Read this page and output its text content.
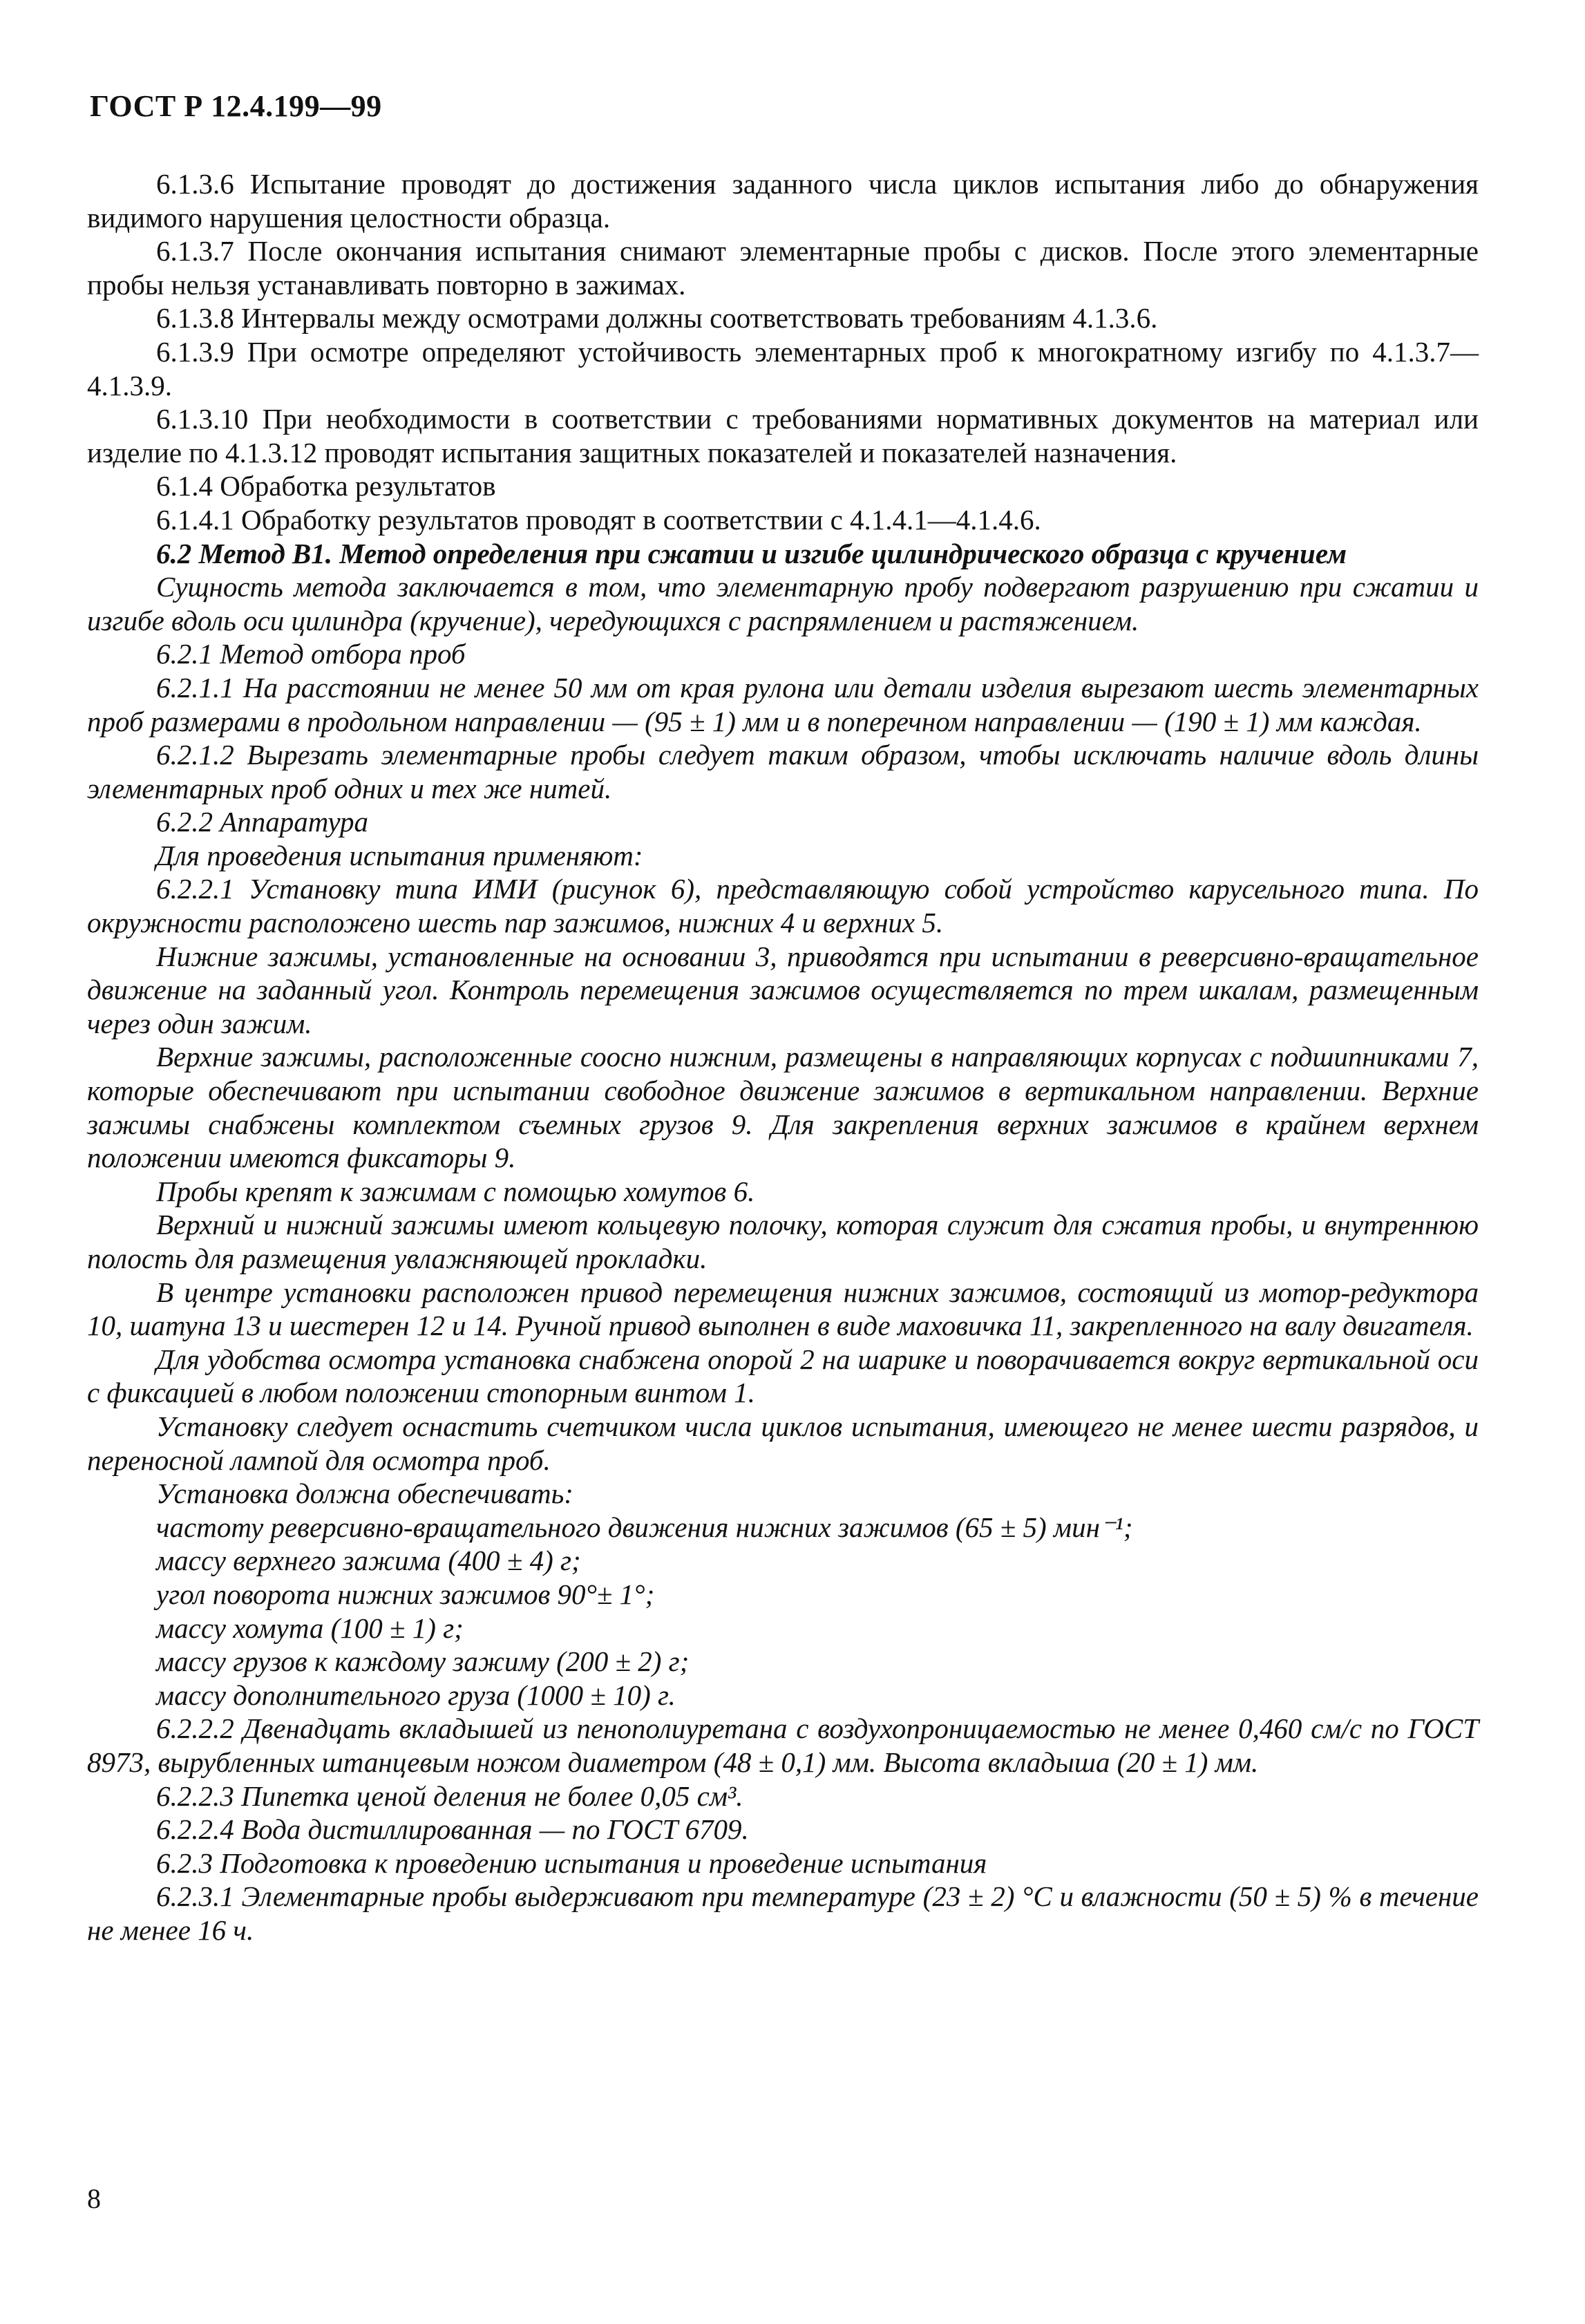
ГОСТ Р 12.4.199—99

6.1.3.6 Испытание проводят до достижения заданного числа циклов испытания либо до обнаружения видимого нарушения целостности образца.

6.1.3.7 После окончания испытания снимают элементарные пробы с дисков. После этого элементарные пробы нельзя устанавливать повторно в зажимах.

6.1.3.8 Интервалы между осмотрами должны соответствовать требованиям 4.1.3.6.

6.1.3.9 При осмотре определяют устойчивость элементарных проб к многократному изгибу по 4.1.3.7—4.1.3.9.

6.1.3.10 При необходимости в соответствии с требованиями нормативных документов на материал или изделие по 4.1.3.12 проводят испытания защитных показателей и показателей назначения.

6.1.4 Обработка результатов

6.1.4.1 Обработку результатов проводят в соответствии с 4.1.4.1—4.1.4.6.

6.2 Метод В1. Метод определения при сжатии и изгибе цилиндрического образца с кручением

Сущность метода заключается в том, что элементарную пробу подвергают разрушению при сжатии и изгибе вдоль оси цилиндра (кручение), чередующихся с распрямлением и растяжением.

6.2.1 Метод отбора проб

6.2.1.1 На расстоянии не менее 50 мм от края рулона или детали изделия вырезают шесть элементарных проб размерами в продольном направлении — (95 ± 1) мм и в поперечном направлении — (190 ± 1) мм каждая.

6.2.1.2 Вырезать элементарные пробы следует таким образом, чтобы исключать наличие вдоль длины элементарных проб одних и тех же нитей.

6.2.2 Аппаратура

Для проведения испытания применяют:

6.2.2.1 Установку типа ИМИ (рисунок 6), представляющую собой устройство карусельного типа. По окружности расположено шесть пар зажимов, нижних 4 и верхних 5.

Нижние зажимы, установленные на основании 3, приводятся при испытании в реверсивно-вращательное движение на заданный угол. Контроль перемещения зажимов осуществляется по трем шкалам, размещенным через один зажим.

Верхние зажимы, расположенные соосно нижним, размещены в направляющих корпусах с подшипниками 7, которые обеспечивают при испытании свободное движение зажимов в вертикальном направлении. Верхние зажимы снабжены комплектом съемных грузов 9. Для закрепления верхних зажимов в крайнем верхнем положении имеются фиксаторы 9.

Пробы крепят к зажимам с помощью хомутов 6.

Верхний и нижний зажимы имеют кольцевую полочку, которая служит для сжатия пробы, и внутреннюю полость для размещения увлажняющей прокладки.

В центре установки расположен привод перемещения нижних зажимов, состоящий из мотор-редуктора 10, шатуна 13 и шестерен 12 и 14. Ручной привод выполнен в виде маховичка 11, закрепленного на валу двигателя.

Для удобства осмотра установка снабжена опорой 2 на шарике и поворачивается вокруг вертикальной оси с фиксацией в любом положении стопорным винтом 1.

Установку следует оснастить счетчиком числа циклов испытания, имеющего не менее шести разрядов, и переносной лампой для осмотра проб.

Установка должна обеспечивать:

частоту реверсивно-вращательного движения нижних зажимов (65 ± 5) мин⁻¹;

массу верхнего зажима (400 ± 4) г;

угол поворота нижних зажимов 90°± 1°;

массу хомута (100 ± 1) г;

массу грузов к каждому зажиму (200 ± 2) г;

массу дополнительного груза (1000 ± 10) г.

6.2.2.2 Двенадцать вкладышей из пенополиуретана с воздухопроницаемостью не менее 0,460 см/с по ГОСТ 8973, вырубленных штанцевым ножом диаметром (48 ± 0,1) мм. Высота вкладыша (20 ± 1) мм.

6.2.2.3 Пипетка ценой деления не более 0,05 см³.

6.2.2.4 Вода дистиллированная — по ГОСТ 6709.

6.2.3 Подготовка к проведению испытания и проведение испытания

6.2.3.1 Элементарные пробы выдерживают при температуре (23 ± 2) °С и влажности (50 ± 5) % в течение не менее 16 ч.

8
